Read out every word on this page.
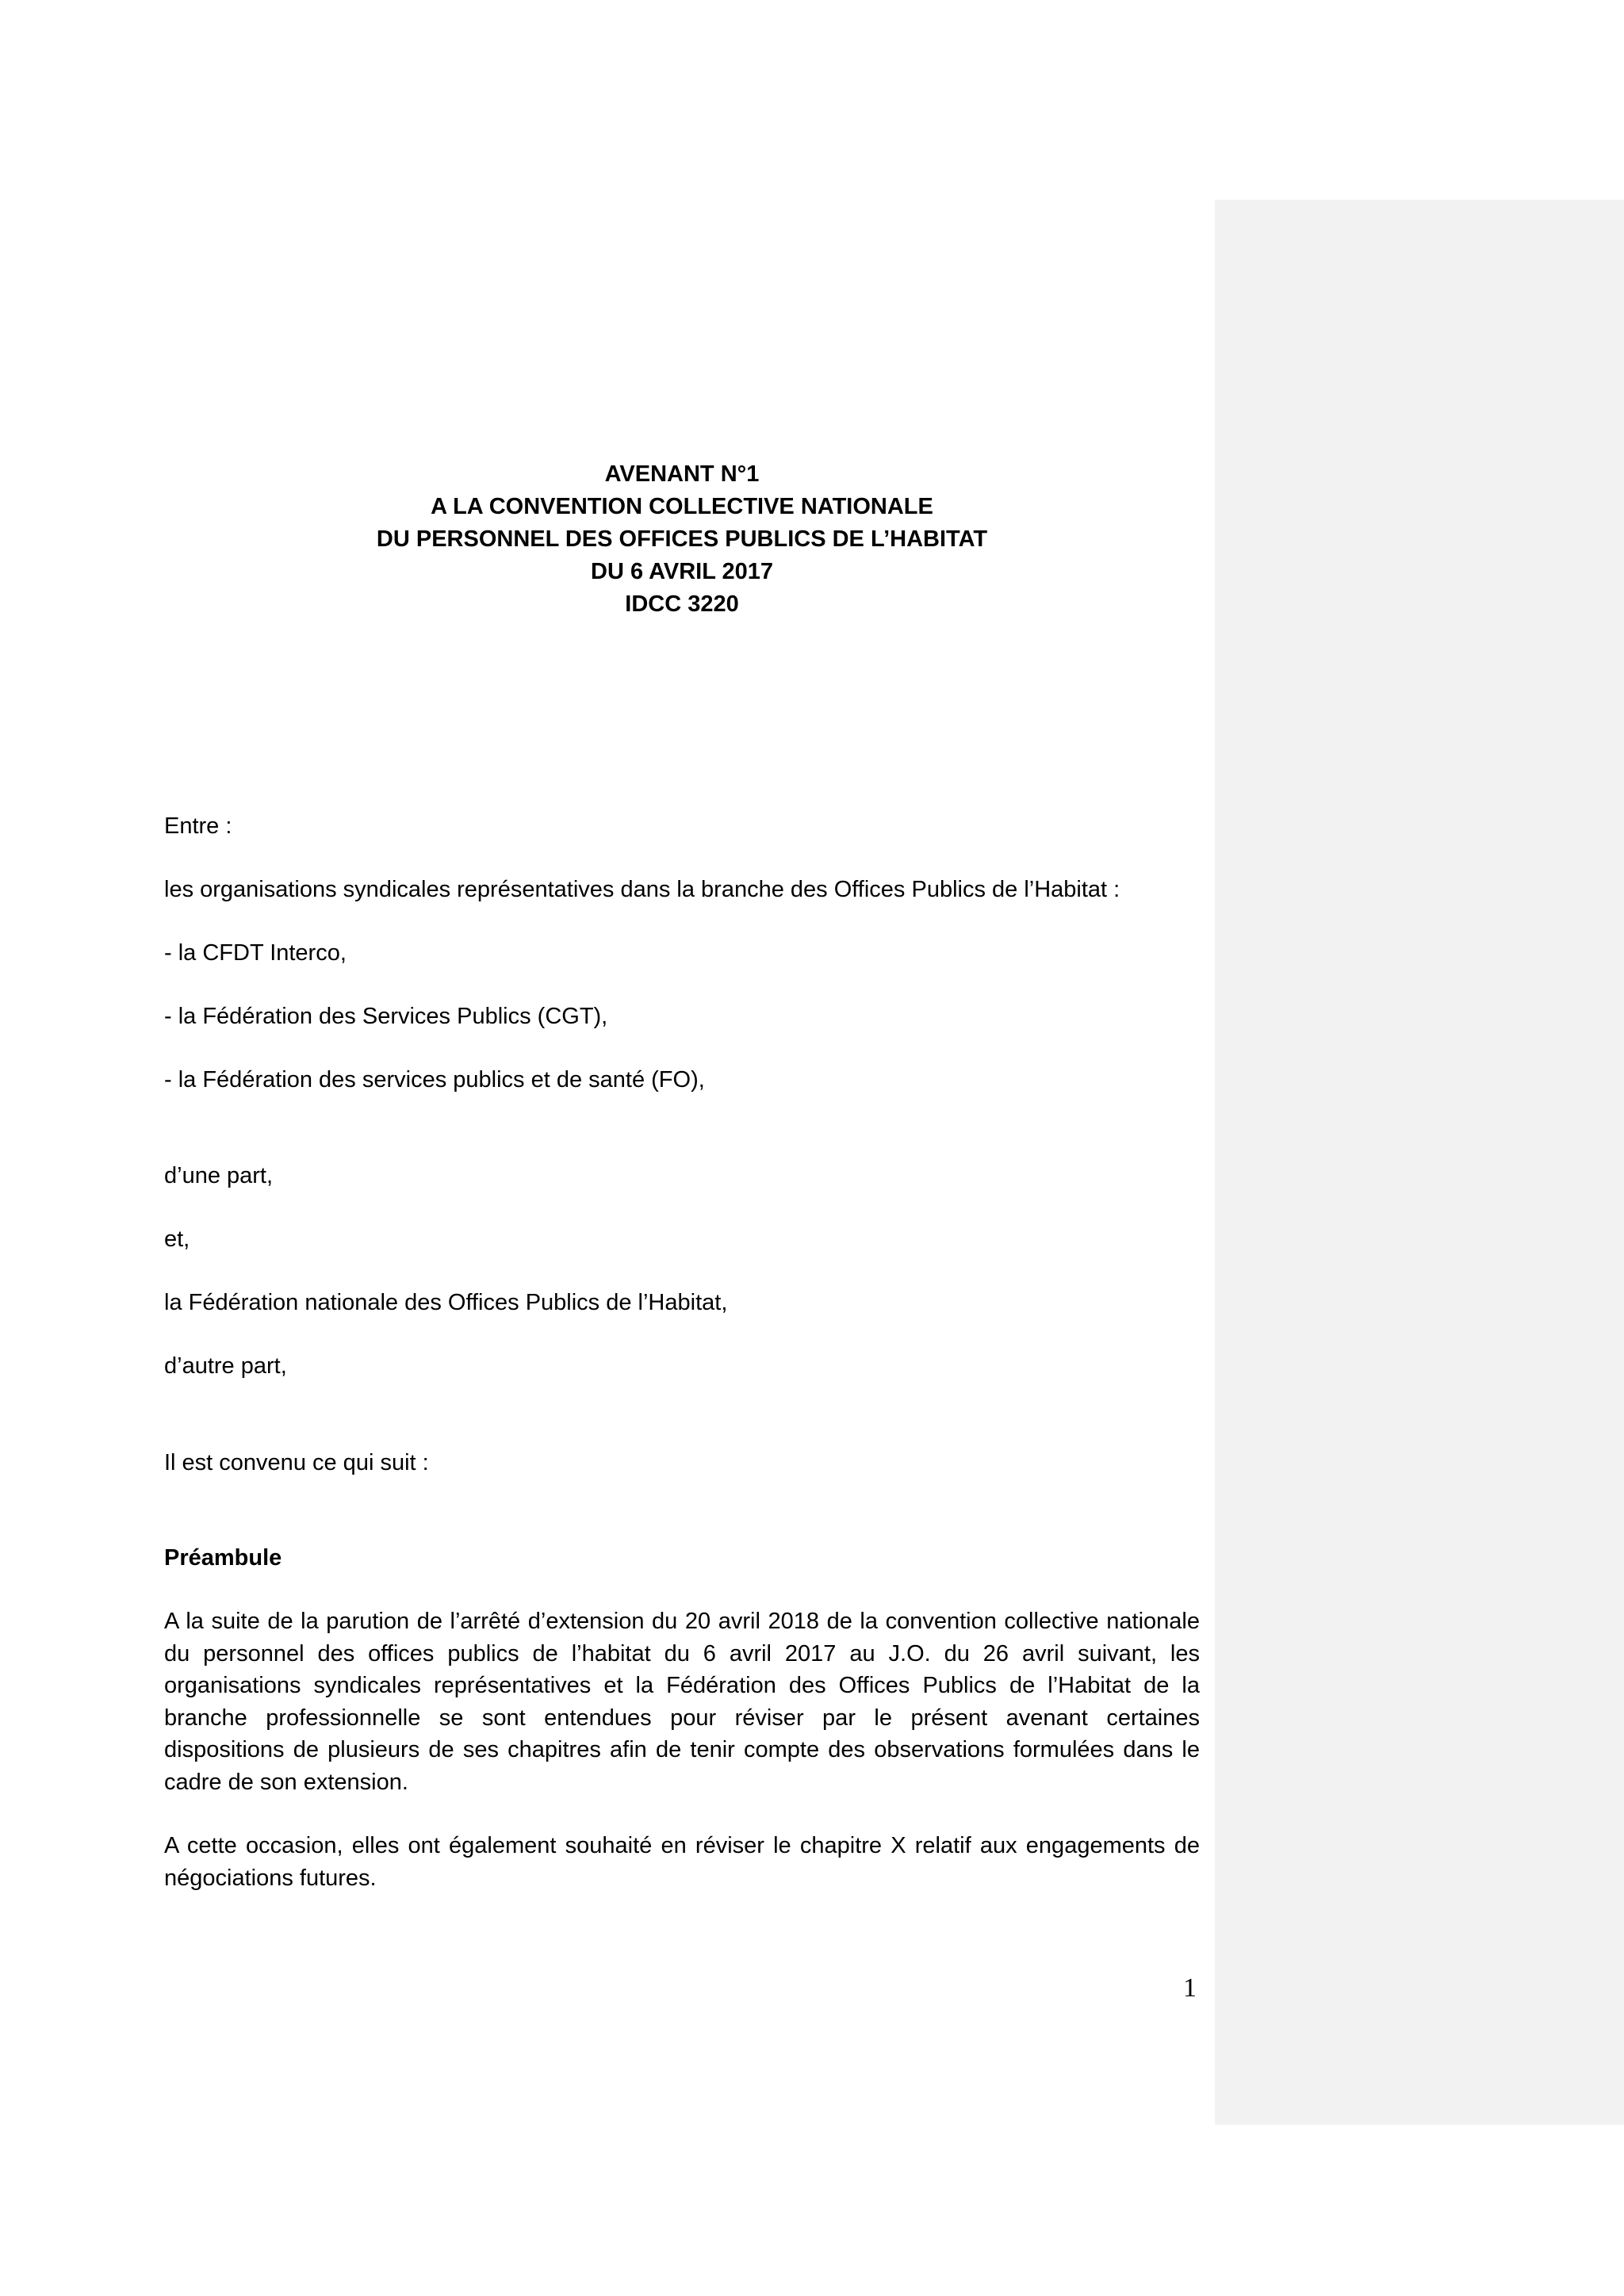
AVENANT N°1
A LA CONVENTION COLLECTIVE NATIONALE
DU PERSONNEL DES OFFICES PUBLICS DE L’HABITAT
DU 6 AVRIL 2017
IDCC 3220
Entre :
les organisations syndicales représentatives dans la branche des Offices Publics de l’Habitat :
- la CFDT Interco,
- la Fédération des Services Publics (CGT),
- la Fédération des services publics et de santé (FO),
d’une part,
et,
la Fédération nationale des Offices Publics de l’Habitat,
d’autre part,
Il est convenu ce qui suit :
Préambule
A la suite de la parution de l’arrêté d’extension du 20 avril 2018 de la convention collective nationale
du personnel des offices publics de l’habitat du 6 avril 2017 au J.O. du 26 avril suivant, les
organisations syndicales représentatives et la Fédération des Offices Publics de l’Habitat de la
branche professionnelle se sont entendues pour réviser par le présent avenant certaines
dispositions de plusieurs de ses chapitres afin de tenir compte des observations formulées dans le
cadre de son extension.
A cette occasion, elles ont également souhaité en réviser le chapitre X relatif aux engagements de
négociations futures.
1
